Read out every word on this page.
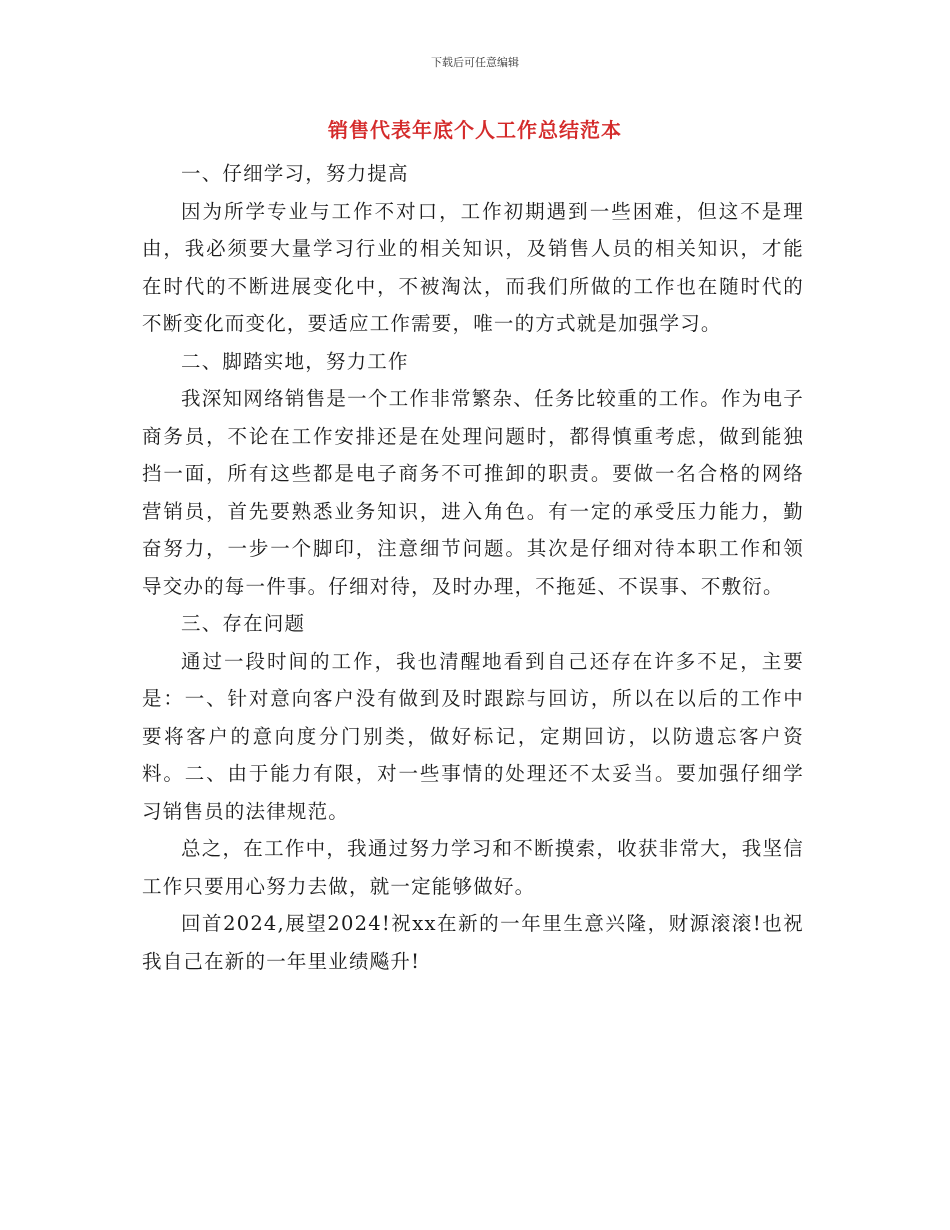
下载后可任意编辑
销售代表年底个人工作总结范本

一、仔细学习，努力提高

因为所学专业与工作不对口，工作初期遇到一些困难，但这不是理由，我必须要大量学习行业的相关知识，及销售人员的相关知识，才能在时代的不断进展变化中，不被淘汰，而我们所做的工作也在随时代的不断变化而变化，要适应工作需要，唯一的方式就是加强学习。

二、脚踏实地，努力工作

我深知网络销售是一个工作非常繁杂、任务比较重的工作。作为电子商务员，不论在工作安排还是在处理问题时，都得慎重考虑，做到能独挡一面，所有这些都是电子商务不可推卸的职责。要做一名合格的网络营销员，首先要熟悉业务知识，进入角色。有一定的承受压力能力，勤奋努力，一步一个脚印，注意细节问题。其次是仔细对待本职工作和领导交办的每一件事。仔细对待，及时办理，不拖延、不误事、不敷衍。

三、存在问题

通过一段时间的工作，我也清醒地看到自己还存在许多不足，主要是：一、针对意向客户没有做到及时跟踪与回访，所以在以后的工作中要将客户的意向度分门别类，做好标记，定期回访，以防遗忘客户资料。二、由于能力有限，对一些事情的处理还不太妥当。要加强仔细学习销售员的法律规范。

总之，在工作中，我通过努力学习和不断摸索，收获非常大，我坚信工作只要用心努力去做，就一定能够做好。

回首2024,展望2024!祝xx在新的一年里生意兴隆，财源滚滚!也祝我自己在新的一年里业绩飚升!
